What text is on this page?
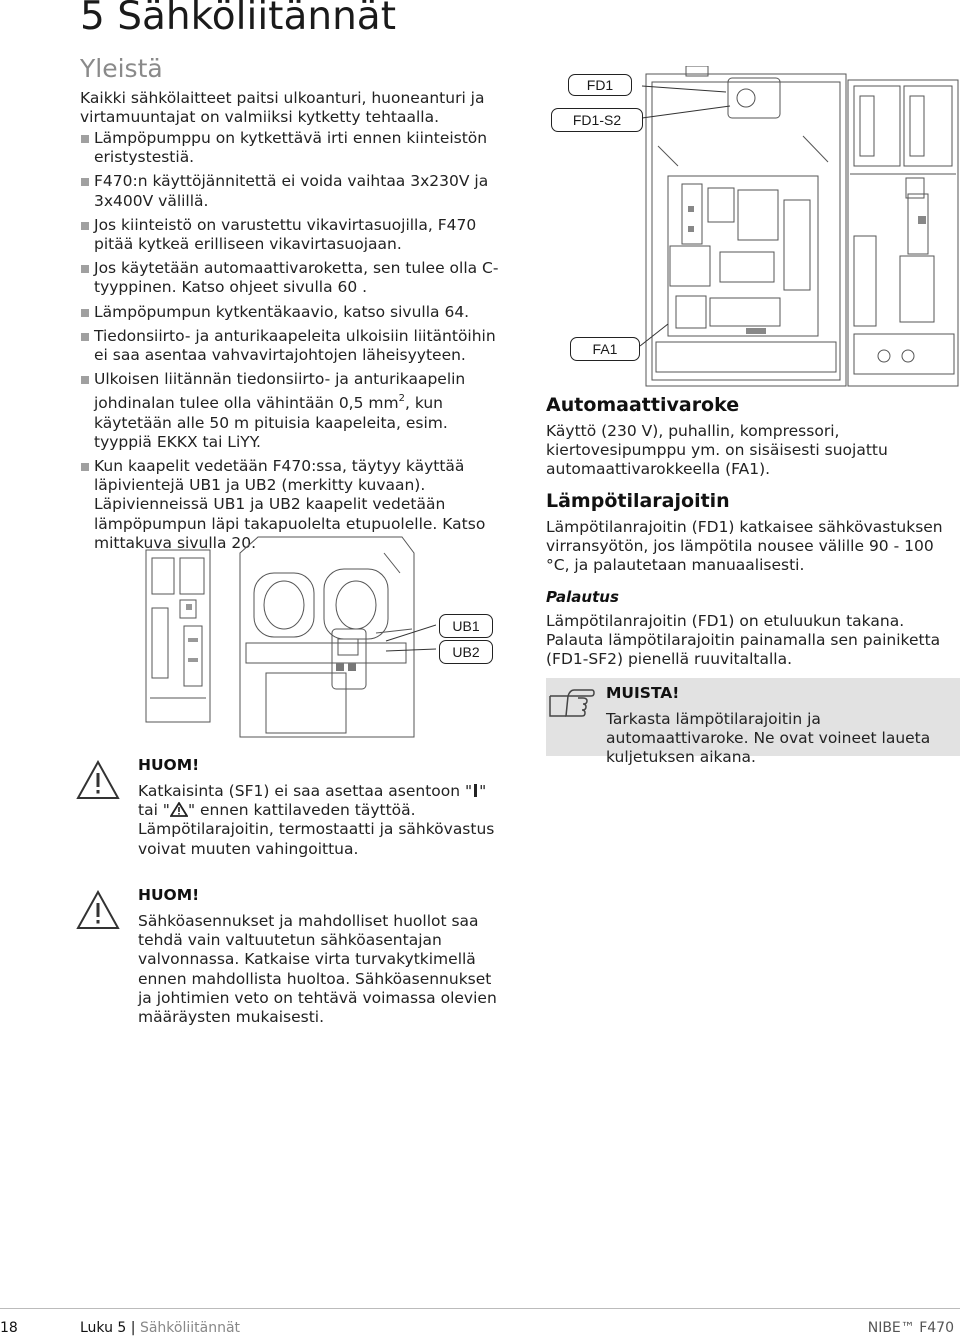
5 Sähköliitännät
Yleistä
Kaikki sähkölaitteet paitsi ulkoanturi, huoneanturi ja virtamuuntajat on valmiiksi kytketty tehtaalla.
Lämpöpumppu on kytkettävä irti ennen kiinteistön eristystestiä.
F470:n käyttöjännitettä ei voida vaihtaa 3x230V ja 3x400V välillä.
Jos kiinteistö on varustettu vikavirtasuojilla, F470 pitää kytkeä erilliseen vikavirtasuojaan.
Jos käytetään automaattivaroketta, sen tulee olla C-tyyppinen. Katso ohjeet sivulla 60 .
Lämpöpumpun kytkentäkaavio, katso sivulla 64.
Tiedonsiirto- ja anturikaapeleita ulkoisiin liitäntöihin ei saa asentaa vahvavirtajohtojen läheisyyteen.
Ulkoisen liitännän tiedonsiirto- ja anturikaapelin johdinalan tulee olla vähintään 0,5 $mm^2$, kun käytetään alle 50 m pituisia kaapeleita, esim. tyyppiä EKKX tai LiYY.
Kun kaapelit vedetään F470:ssa, täytyy käyttää läpivientejä UB1 ja UB2 (merkitty kuvaan). Läpivienneissä UB1 ja UB2 kaapelit vedetään lämpöpumpun läpi takapuolelta etupuolelle. Katso mittakuva sivulla 20.
FD1
FD1-S2
FA1
Automaattivaroke
Käyttö (230 V), puhallin, kompressori, kiertovesipumppu ym. on sisäisesti suojattu automaattivarokkeella (FA1).
Lämpötilarajoitin
Lämpötilanrajoitin (FD1) katkaisee sähkövastuksen virransyötön, jos lämpötila nousee välille 90 - 100 °C, ja palautetaan manuaalisesti.
Palautus
Lämpötilanrajoitin (FD1) on etuluukun takana. Palauta lämpötilarajoitin painamalla sen painiketta (FD1-SF2) pienellä ruuvitaltalla.
MUISTA!
Tarkasta lämpötilarajoitin ja automaattivaroke. Ne ovat voineet laueta kuljetuksen aikana.
UB1
UB2
HUOM!
Katkaisinta (SF1) ei saa asettaa asentoon " " tai " " ennen kattilaveden täyttöä. Lämpötilarajoitin, termostaatti ja sähkövastus voivat muuten vahingoittua.
HUOM!
Sähköasennukset ja mahdolliset huollot saa tehdä vain valtuutetun sähköasentajan valvonnassa. Katkaise virta turvakytkimellä ennen mahdollista huoltoa. Sähköasennukset ja johtimien veto on tehtävä voimassa olevien määräysten mukaisesti.
18	Luku 5 | Sähköliitännät	NIBE™ F470
